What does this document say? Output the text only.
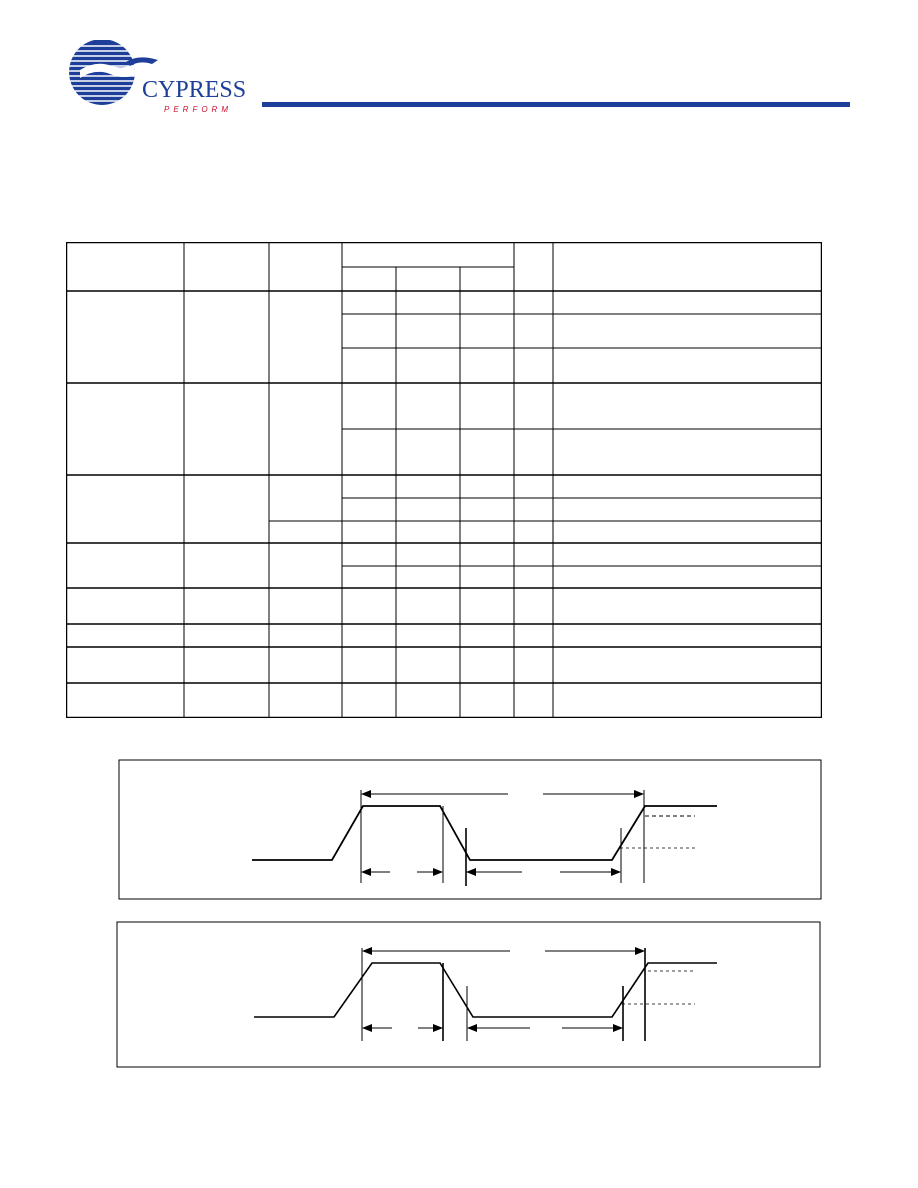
CYPRESS
PERFORM
